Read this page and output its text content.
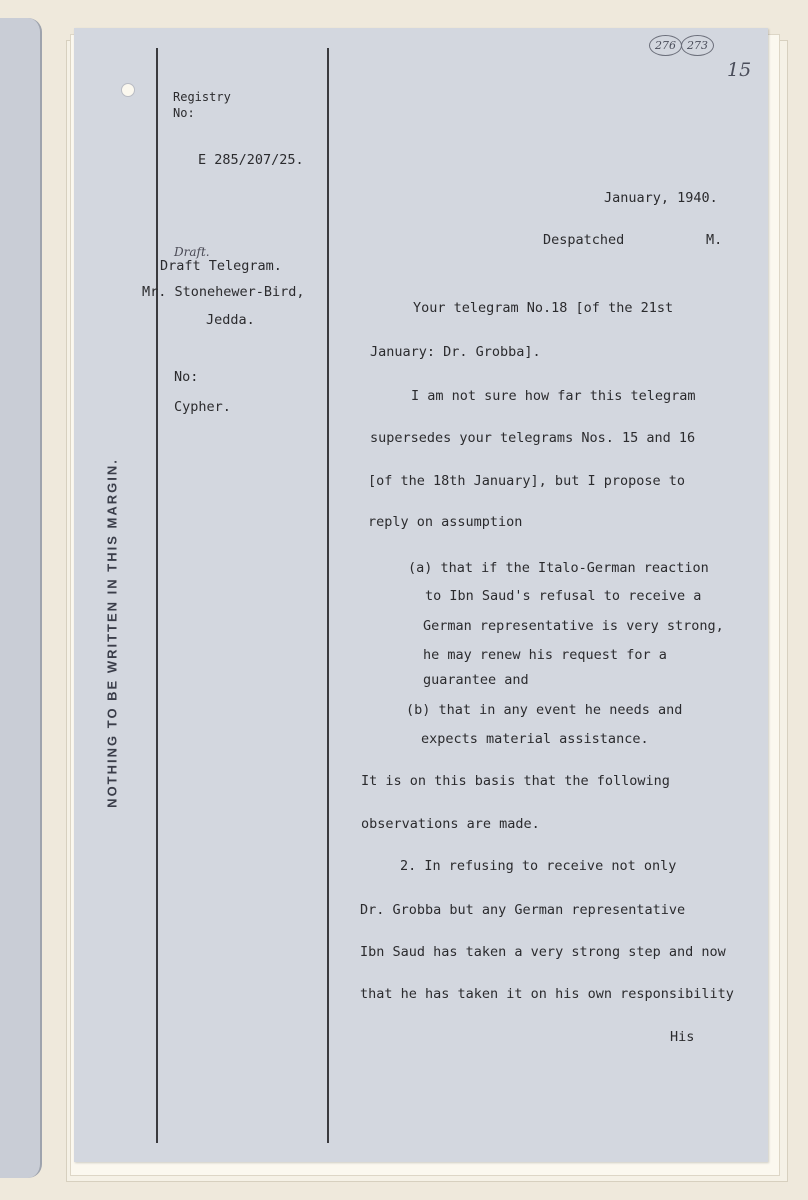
NOTHING TO BE WRITTEN IN THIS MARGIN.
276	273
15
Registry
No:
E 285/207/25.
Draft.
Draft Telegram.
Mr. Stonehewer-Bird,
Jedda.
No:
Cypher.
January, 1940.
Despatched	M.
Your telegram No.18 [of the 21st
January: Dr. Grobba].
I am not sure how far this telegram
supersedes your telegrams Nos. 15 and 16
[of the 18th January], but I propose to
reply on assumption
(a) that if the Italo-German reaction
to Ibn Saud's refusal to receive a
German representative is very strong,
he may renew his request for a
guarantee and
(b) that in any event he needs and
expects material assistance.
It is on this basis that the following
observations are made.
2. In refusing to receive not only
Dr. Grobba but any German representative
Ibn Saud has taken a very strong step and now
that he has taken it on his own responsibility
His
